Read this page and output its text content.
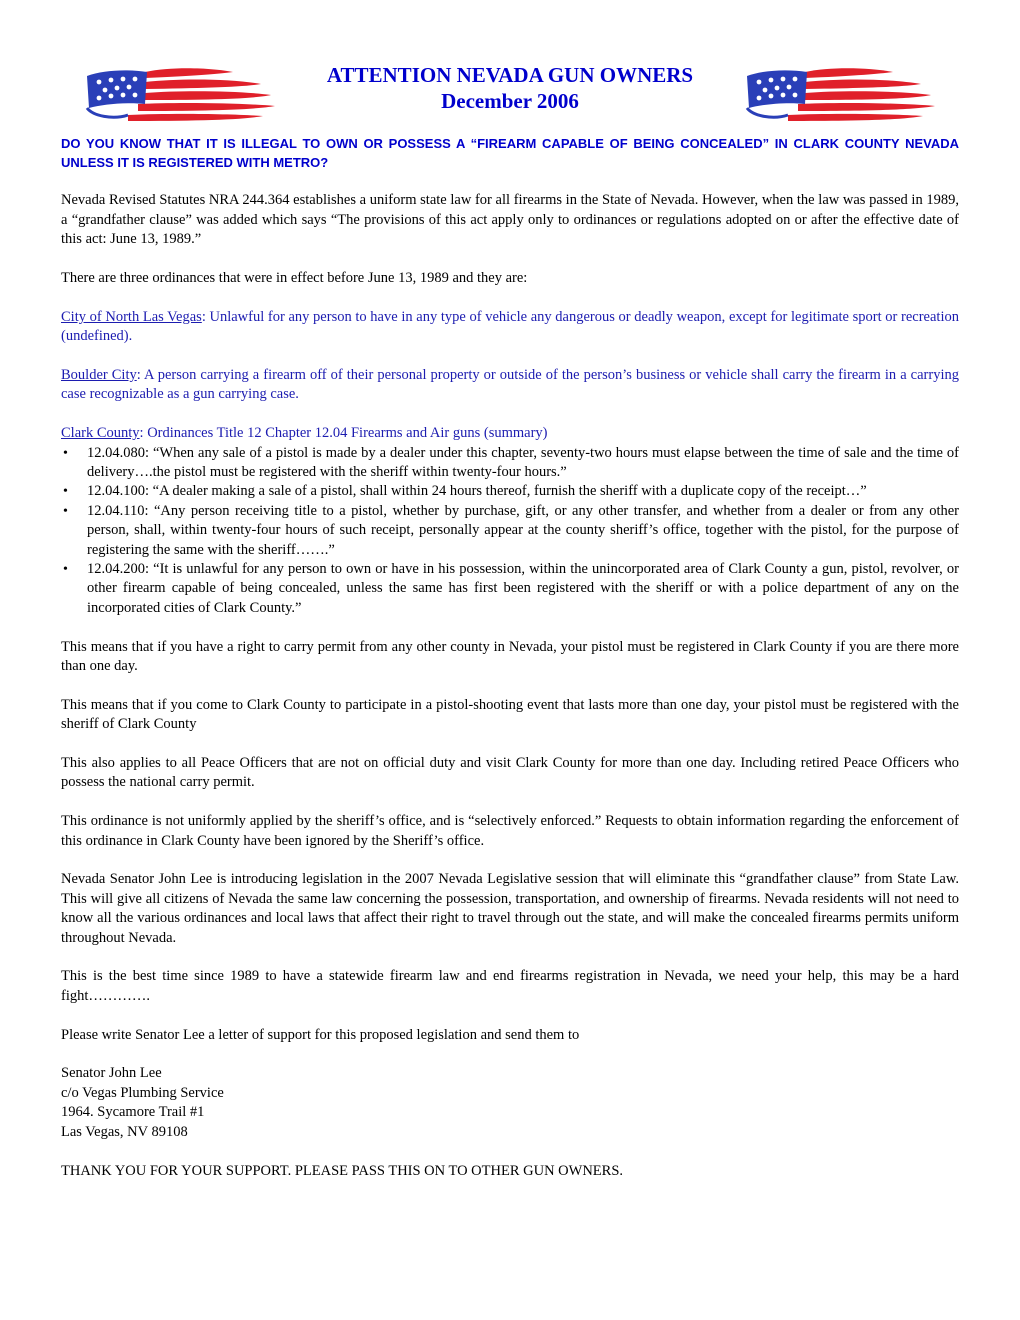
ATTENTION NEVADA GUN OWNERS
December 2006
DO YOU KNOW THAT IT IS ILLEGAL TO OWN OR POSSESS A “FIREARM CAPABLE OF BEING CONCEALED” IN CLARK COUNTY NEVADA UNLESS IT IS REGISTERED WITH METRO?

Nevada Revised Statutes NRA 244.364 establishes a uniform state law for all firearms in the State of Nevada. However, when the law was passed in 1989, a “grandfather clause” was added which says “The provisions of this act apply only to ordinances or regulations adopted on or after the effective date of this act: June 13, 1989.”

There are three ordinances that were in effect before June 13, 1989 and they are:

City of North Las Vegas: Unlawful for any person to have in any type of vehicle any dangerous or deadly weapon, except for legitimate sport or recreation (undefined).

Boulder City: A person carrying a firearm off of their personal property or outside of the person’s business or vehicle shall carry the firearm in a carrying case recognizable as a gun carrying case.

Clark County: Ordinances Title 12 Chapter 12.04 Firearms and Air guns (summary)

• 12.04.080: “When any sale of a pistol is made by a dealer under this chapter, seventy-two hours must elapse between the time of sale and the time of delivery….the pistol must be registered with the sheriff within twenty-four hours.”
• 12.04.100: “A dealer making a sale of a pistol, shall within 24 hours thereof, furnish the sheriff with a duplicate copy of the receipt…”
• 12.04.110: “Any person receiving title to a pistol, whether by purchase, gift, or any other transfer, and whether from a dealer or from any other person, shall, within twenty-four hours of such receipt, personally appear at the county sheriff’s office, together with the pistol, for the purpose of registering the same with the sheriff…….”
• 12.04.200: “It is unlawful for any person to own or have in his possession, within the unincorporated area of Clark County a gun, pistol, revolver, or other firearm capable of being concealed, unless the same has first been registered with the sheriff or with a police department of any on the incorporated cities of Clark County.”

This means that if you have a right to carry permit from any other county in Nevada, your pistol must be registered in Clark County if you are there more than one day.

This means that if you come to Clark County to participate in a pistol-shooting event that lasts more than one day, your pistol must be registered with the sheriff of Clark County

This also applies to all Peace Officers that are not on official duty and visit Clark County for more than one day. Including retired Peace Officers who possess the national carry permit.

This ordinance is not uniformly applied by the sheriff’s office, and is “selectively enforced.” Requests to obtain information regarding the enforcement of this ordinance in Clark County have been ignored by the Sheriff’s office.

Nevada Senator John Lee is introducing legislation in the 2007 Nevada Legislative session that will eliminate this “grandfather clause” from State Law. This will give all citizens of Nevada the same law concerning the possession, transportation, and ownership of firearms. Nevada residents will not need to know all the various ordinances and local laws that affect their right to travel through out the state, and will make the concealed firearms permits uniform throughout Nevada.

This is the best time since 1989 to have a statewide firearm law and end firearms registration in Nevada, we need your help, this may be a hard fight………….

Please write Senator Lee a letter of support for this proposed legislation and send them to

Senator John Lee

c/o Vegas Plumbing Service

1964. Sycamore Trail #1

Las Vegas, NV 89108

THANK YOU FOR YOUR SUPPORT. PLEASE PASS THIS ON TO OTHER GUN OWNERS.
